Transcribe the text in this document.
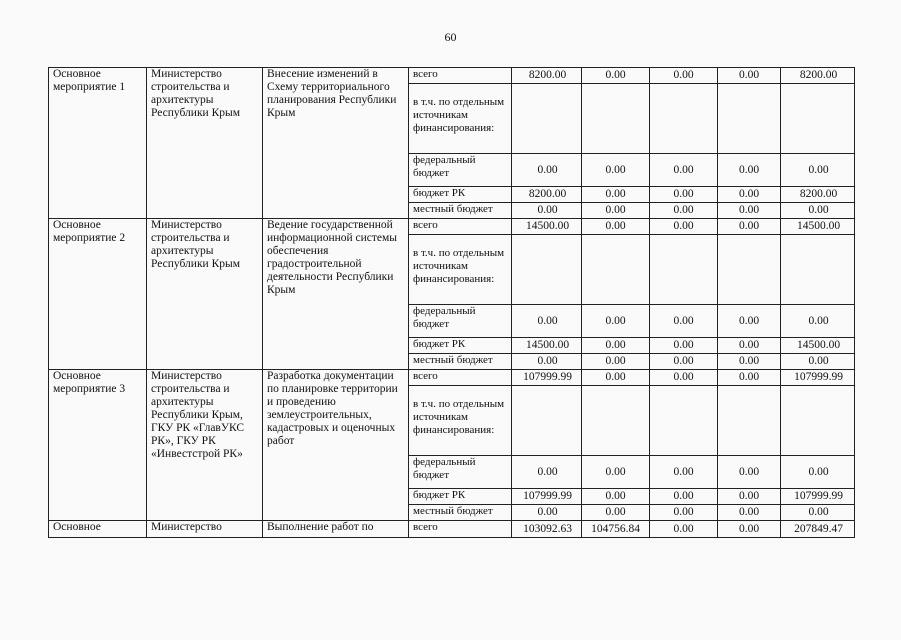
60
Основное мероприятие 1	Министерство строительства и архитектуры Республики Крым	Внесение изменений в Схему территориального планирования Республики Крым	всего	8200.00	0.00	0.00	0.00	8200.00
			в т.ч. по отдельным источникам финансирования:					
			федеральный бюджет	0.00	0.00	0.00	0.00	0.00
			бюджет РК	8200.00	0.00	0.00	0.00	8200.00
			местный бюджет	0.00	0.00	0.00	0.00	0.00
Основное мероприятие 2	Министерство строительства и архитектуры Республики Крым	Ведение государственной информационной системы обеспечения градостроительной деятельности Республики Крым	всего	14500.00	0.00	0.00	0.00	14500.00
			в т.ч. по отдельным источникам финансирования:					
			федеральный бюджет	0.00	0.00	0.00	0.00	0.00
			бюджет РК	14500.00	0.00	0.00	0.00	14500.00
			местный бюджет	0.00	0.00	0.00	0.00	0.00
Основное мероприятие 3	Министерство строительства и архитектуры Республики Крым, ГКУ РК «ГлавУКС РК», ГКУ РК «Инвестстрой РК»	Разработка документации по планировке территории и проведению землеустроительных, кадастровых и оценочных работ	всего	107999.99	0.00	0.00	0.00	107999.99
			в т.ч. по отдельным источникам финансирования:					
			федеральный бюджет	0.00	0.00	0.00	0.00	0.00
			бюджет РК	107999.99	0.00	0.00	0.00	107999.99
			местный бюджет	0.00	0.00	0.00	0.00	0.00
Основное	Министерство	Выполнение работ по	всего	103092.63	104756.84	0.00	0.00	207849.47
